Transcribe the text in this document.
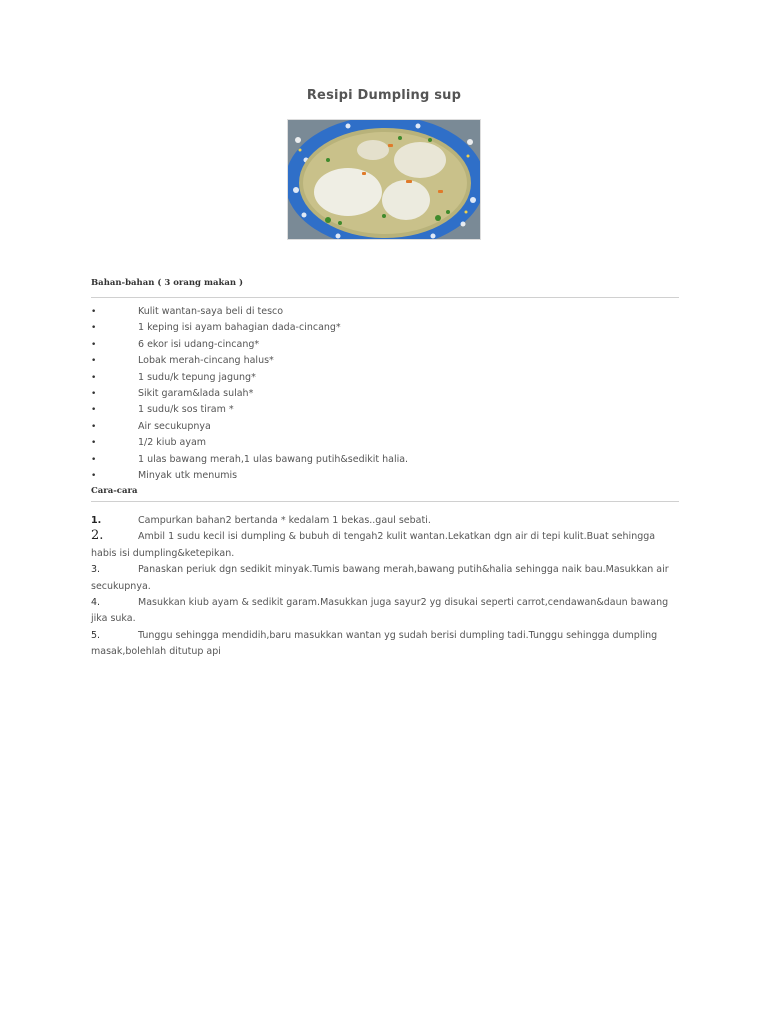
Resipi Dumpling sup
Bahan-bahan ( 3 orang makan )
•	Kulit wantan-saya beli di tesco
•	1 keping isi ayam bahagian dada-cincang*
•	6 ekor isi udang-cincang*
•	Lobak merah-cincang halus*
•	1 sudu/k tepung jagung*
•	Sikit garam&lada sulah*
•	1 sudu/k sos tiram *
•	Air secukupnya
•	1/2 kiub ayam
•	1 ulas bawang merah,1 ulas bawang putih&sedikit halia.
•	Minyak utk menumis
Cara-cara
1.	Campurkan bahan2 bertanda * kedalam 1 bekas..gaul sebati.
2.	Ambil 1 sudu kecil isi dumpling & bubuh di tengah2 kulit wantan.Lekatkan dgn air di tepi kulit.Buat sehingga habis isi dumpling&ketepikan.
3.	Panaskan periuk dgn sedikit minyak.Tumis bawang merah,bawang putih&halia sehingga naik bau.Masukkan air secukupnya.
4.	Masukkan kiub ayam & sedikit garam.Masukkan juga sayur2 yg disukai seperti carrot,cendawan&daun bawang jika suka.
5.	Tunggu sehingga mendidih,baru masukkan wantan yg sudah berisi dumpling tadi.Tunggu sehingga dumpling masak,bolehlah ditutup api
